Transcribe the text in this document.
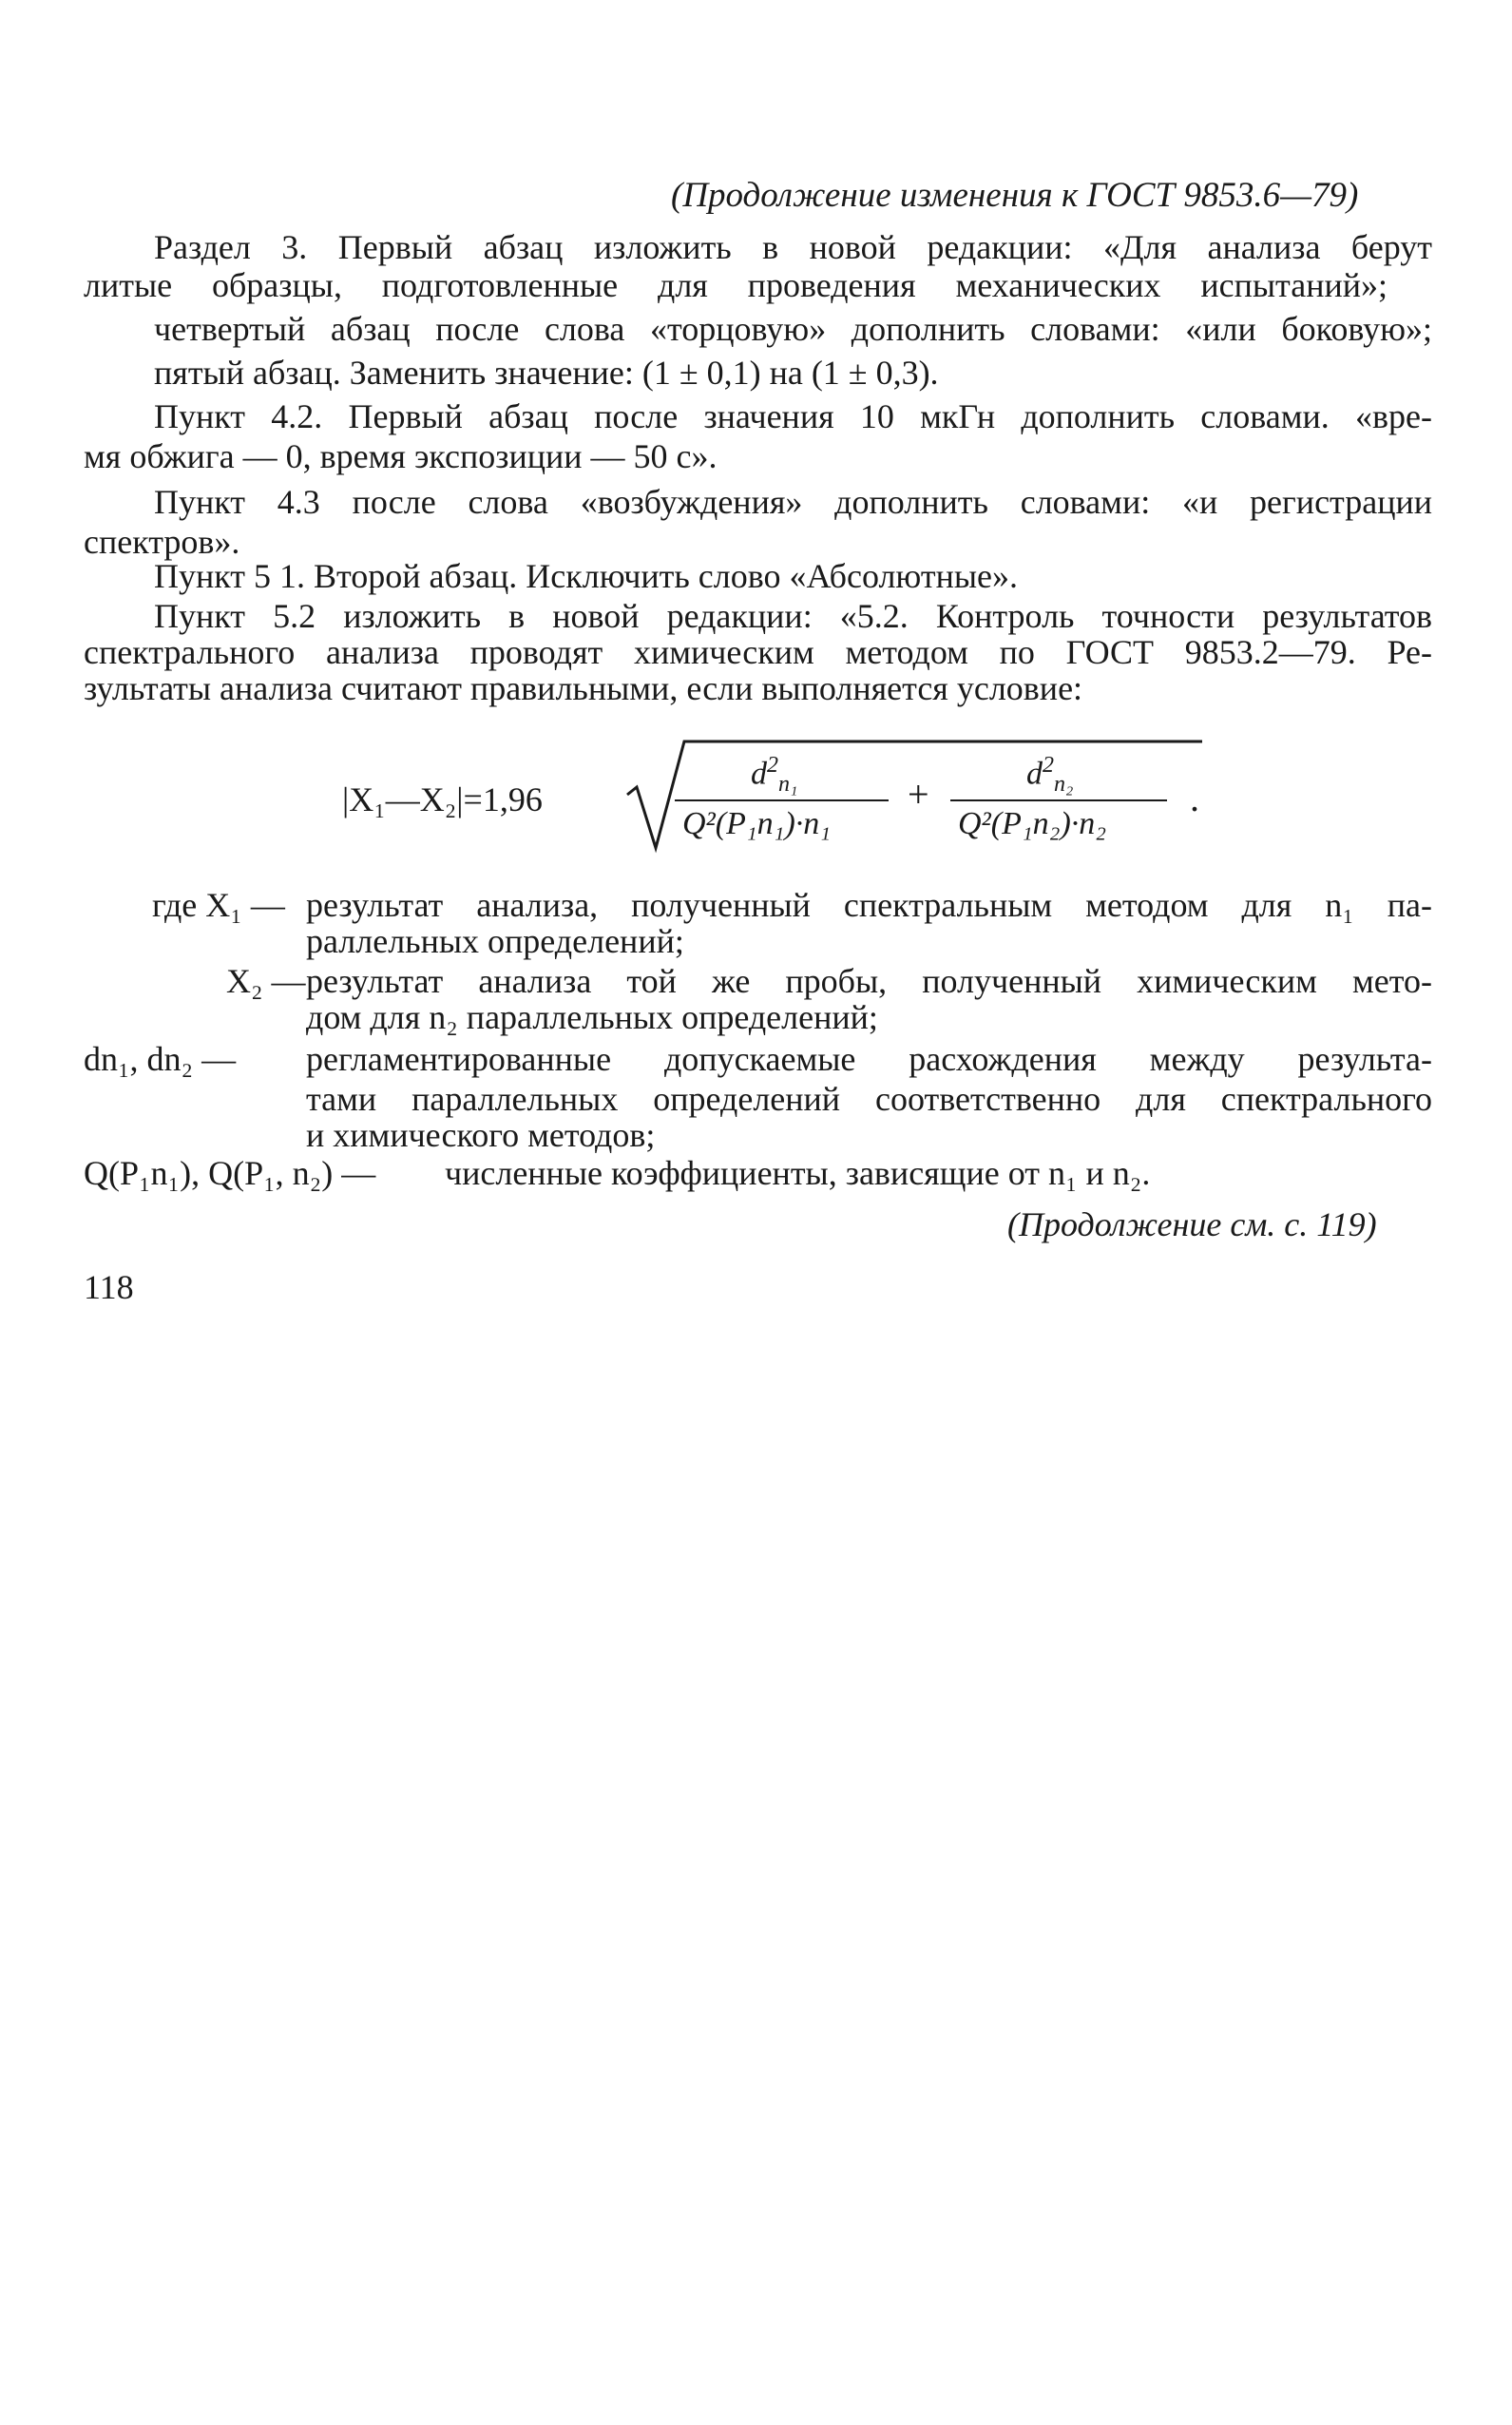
(Продолжение изменения к ГОСТ 9853.6—79)
Раздел 3. Первый абзац изложить в новой редакции: «Для анализа берут
литые образцы, подготовленные для проведения механических испытаний»;
четвертый абзац после слова «торцовую» дополнить словами: «или боковую»;
пятый абзац. Заменить значение: (1 ± 0,1) на (1 ± 0,3).
Пункт 4.2. Первый абзац после значения 10 мкГн дополнить словами. «вре-
мя обжига — 0, время экспозиции — 50 с».
Пункт 4.3 после слова «возбуждения» дополнить словами: «и регистрации
спектров».
Пункт 5 1. Второй абзац. Исключить слово «Абсолютные».
Пункт 5.2 изложить в новой редакции: «5.2. Контроль точности результатов
спектрального анализа проводят химическим методом по ГОСТ 9853.2—79. Ре-
зультаты анализа считают правильными, если выполняется условие:
|X₁—X₂|=1,96
$d^2_{n_1}$
Q²(P₁n₁)·n₁
+	$d^2_{n_2}$
Q²(P₁n₂)·n₂
.
где X₁ — результат анализа, полученный спектральным методом для n₁ па-
раллельных определений;
X₂ — результат анализа той же пробы, полученный химическим мето-
дом для n₂ параллельных определений;
dn₁, dn₂ — регламентированные допускаемые расхождения между результа-
тами параллельных определений соответственно для спектрального
и химического методов;
Q(P₁n₁), Q(P₁, n₂) — численные коэффициенты, зависящие от n₁ и n₂.
(Продолжение см. с. 119)
118
